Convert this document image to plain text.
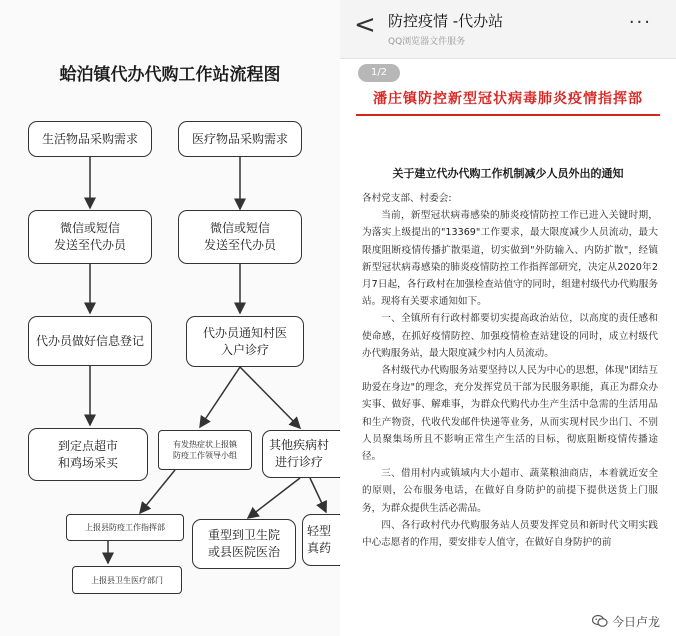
蛤泊镇代办代购工作站流程图
生活物品采购需求	医疗物品采购需求
微信或短信
发送至代办员
微信或短信
发送至代办员
代办员做好信息登记
代办员通知村医
入户诊疗
到定点超市
和鸡场采买
有发热症状上报镇
防疫工作领导小组
其他疾病村
进行诊疗
上报县防疫工作指挥部
重型到卫生院
或县医院医治
轻型
真药
上报县卫生医疗部门
< 防控疫情 -代办站
QQ浏览器文件服务
···
1/2
潘庄镇防控新型冠状病毒肺炎疫情指挥部
关于建立代办代购工作机制减少人员外出的通知

各村党支部、村委会:

当前，新型冠状病毒感染的肺炎疫情防控工作已进入关键时期，为落实上级提出的"13369"工作要求，最大限度减少人员流动，最大限度阻断疫情传播扩散渠道，切实做到"外防输入、内防扩散"，经镇新型冠状病毒感染的肺炎疫情防控工作指挥部研究，决定从2020年2月7日起，各行政村在加强检查站值守的同时，组建村级代办代购服务站。现将有关要求通知如下。

一、全镇所有行政村都要切实提高政治站位，以高度的责任感和使命感，在抓好疫情防控、加强疫情检查站建设的同时，成立村级代办代购服务站，最大限度减少村内人员流动。

各村级代办代购服务站要坚持以人民为中心的思想，体现"团结互助爱在身边"的理念，充分发挥党员干部为民服务职能，真正为群众办实事、做好事、解难事，为群众代购代办生产生活中急需的生活用品和生产物资，代收代发邮件快递等业务，从而实现村民少出门、不别人员聚集场所且不影响正常生产生活的目标，彻底阻断疫情传播途径。

三、借用村内或镇域内大小超市、蔬菜粮油商店，本着就近安全的原则，公布服务电话，在做好自身防护的前提下提供送货上门服务，为群众提供生活必需品。

四、各行政村代办代购服务站人员要发挥党员和新时代文明实践中心志愿者的作用，要安排专人值守，在做好自身防护的前

今日卢龙
